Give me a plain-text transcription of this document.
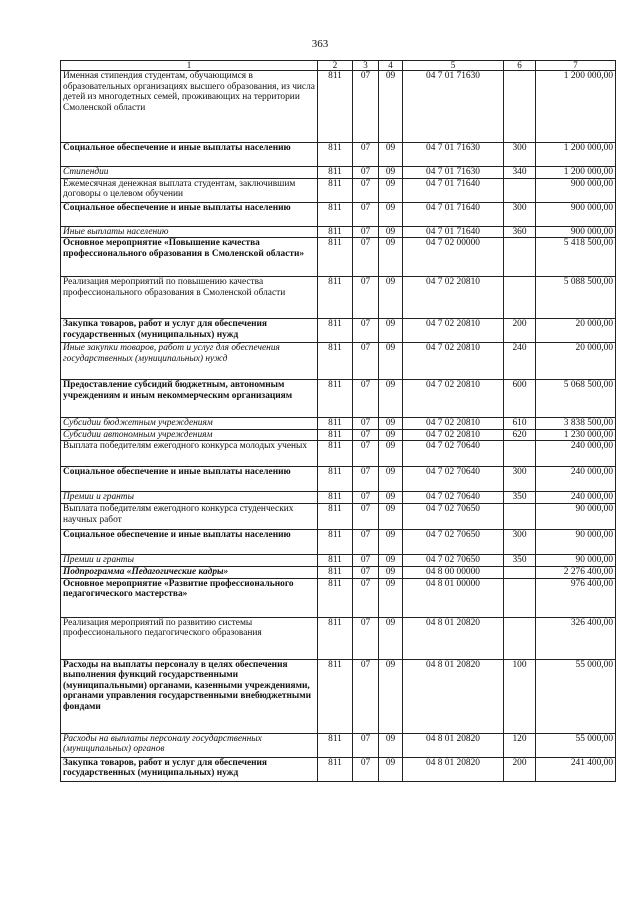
363
1	2	3	4	5	6	7
Именная стипендия студентам, обучающимся в образовательных организациях высшего образования, из числа детей из многодетных семей, проживающих на территории Смоленской области	811	07	09	04 7 01 71630		1 200 000,00
Социальное обеспечение и иные выплаты населению	811	07	09	04 7 01 71630	300	1 200 000,00
Стипендии	811	07	09	04 7 01 71630	340	1 200 000,00
Ежемесячная денежная выплата студентам, заключившим договоры о целевом обучении	811	07	09	04 7 01 71640		900 000,00
Социальное обеспечение и иные выплаты населению	811	07	09	04 7 01 71640	300	900 000,00
Иные выплаты населению	811	07	09	04 7 01 71640	360	900 000,00
Основное мероприятие «Повышение качества профессионального образования в Смоленской области»	811	07	09	04 7 02 00000		5 418 500,00
Реализация мероприятий по повышению качества профессионального образования в Смоленской области	811	07	09	04 7 02 20810		5 088 500,00
Закупка товаров, работ и услуг для обеспечения государственных (муниципальных) нужд	811	07	09	04 7 02 20810	200	20 000,00
Иные закупки товаров, работ и услуг для обеспечения государственных (муниципальных) нужд	811	07	09	04 7 02 20810	240	20 000,00
Предоставление субсидий бюджетным, автономным учреждениям и иным некоммерческим организациям	811	07	09	04 7 02 20810	600	5 068 500,00
Субсидии бюджетным учреждениям	811	07	09	04 7 02 20810	610	3 838 500,00
Субсидии автономным учреждениям	811	07	09	04 7 02 20810	620	1 230 000,00
Выплата победителям ежегодного конкурса молодых ученых	811	07	09	04 7 02 70640		240 000,00
Социальное обеспечение и иные выплаты населению	811	07	09	04 7 02 70640	300	240 000,00
Премии и гранты	811	07	09	04 7 02 70640	350	240 000,00
Выплата победителям ежегодного конкурса студенческих научных работ	811	07	09	04 7 02 70650		90 000,00
Социальное обеспечение и иные выплаты населению	811	07	09	04 7 02 70650	300	90 000,00
Премии и гранты	811	07	09	04 7 02 70650	350	90 000,00
Подпрограмма «Педагогические кадры»	811	07	09	04 8 00 00000		2 276 400,00
Основное мероприятие «Развитие профессионального педагогического мастерства»	811	07	09	04 8 01 00000		976 400,00
Реализация мероприятий по развитию системы профессионального педагогического образования	811	07	09	04 8 01 20820		326 400,00
Расходы на выплаты персоналу в целях обеспечения выполнения функций государственными (муниципальными) органами, казенными учреждениями, органами управления государственными внебюджетными фондами	811	07	09	04 8 01 20820	100	55 000,00
Расходы на выплаты персоналу государственных (муниципальных) органов	811	07	09	04 8 01 20820	120	55 000,00
Закупка товаров, работ и услуг для обеспечения государственных (муниципальных) нужд	811	07	09	04 8 01 20820	200	241 400,00
